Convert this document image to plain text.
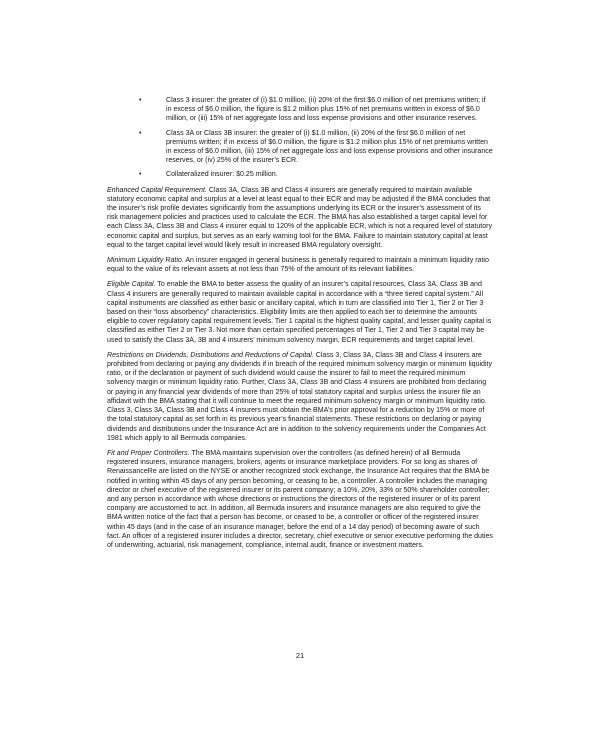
•	Class 3 insurer: the greater of (i) $1.0 million, (ii) 20% of the first $6.0 million of net premiums written; if in excess of $6.0 million, the figure is $1.2 million plus 15% of net premiums written in excess of $6.0 million, or (iii) 15% of net aggregate loss and loss expense provisions and other insurance reserves.
•	Class 3A or Class 3B insurer: the greater of (i) $1.0 million, (ii) 20% of the first $6.0 million of net premiums written; if in excess of $6.0 million, the figure is $1.2 million plus 15% of net premiums written in excess of $6.0 million, (iii) 15% of net aggregate loss and loss expense provisions and other insurance reserves, or (iv) 25% of the insurer’s ECR.
•	Collateralized insurer: $0.25 million.

Enhanced Capital Requirement. Class 3A, Class 3B and Class 4 insurers are generally required to maintain available statutory economic capital and surplus at a level at least equal to their ECR and may be adjusted if the BMA concludes that the insurer’s risk profile deviates significantly from the assumptions underlying its ECR or the insurer’s assessment of its risk management policies and practices used to calculate the ECR. The BMA has also established a target capital level for each Class 3A, Class 3B and Class 4 insurer equal to 120% of the applicable ECR, which is not a required level of statutory economic capital and surplus, but serves as an early warning tool for the BMA. Failure to maintain statutory capital at least equal to the target capital level would likely result in increased BMA regulatory oversight.

Minimum Liquidity Ratio. An insurer engaged in general business is generally required to maintain a minimum liquidity ratio equal to the value of its relevant assets at not less than 75% of the amount of its relevant liabilities.

Eligible Capital. To enable the BMA to better assess the quality of an insurer’s capital resources, Class 3A, Class 3B and Class 4 insurers are generally required to maintain available capital in accordance with a “three tiered capital system.” All capital instruments are classified as either basic or ancillary capital, which in turn are classified into Tier 1, Tier 2 or Tier 3 based on their “loss absorbency” characteristics. Eligibility limits are then applied to each tier to determine the amounts eligible to cover regulatory capital requirement levels. Tier 1 capital is the highest quality capital, and lesser quality capital is classified as either Tier 2 or Tier 3. Not more than certain specified percentages of Tier 1, Tier 2 and Tier 3 capital may be used to satisfy the Class 3A, 3B and 4 insurers’ minimum solvency margin, ECR requirements and target capital level.

Restrictions on Dividends, Distributions and Reductions of Capital. Class 3, Class 3A, Class 3B and Class 4 insurers are prohibited from declaring or paying any dividends if in breach of the required minimum solvency margin or minimum liquidity ratio, or if the declaration or payment of such dividend would cause the insurer to fail to meet the required minimum solvency margin or minimum liquidity ratio. Further, Class 3A, Class 3B and Class 4 insurers are prohibited from declaring or paying in any financial year dividends of more than 25% of total statutory capital and surplus unless the insurer file an affidavit with the BMA stating that it will continue to meet the required minimum solvency margin or minimum liquidity ratio. Class 3, Class 3A, Class 3B and Class 4 insurers must obtain the BMA’s prior approval for a reduction by 15% or more of the total statutory capital as set forth in its previous year’s financial statements. These restrictions on declaring or paying dividends and distributions under the Insurance Act are in addition to the solvency requirements under the Companies Act 1981 which apply to all Bermuda companies.

Fit and Proper Controllers. The BMA maintains supervision over the controllers (as defined herein) of all Bermuda registered insurers, insurance managers, brokers, agents or insurance marketplace providers. For so long as shares of RenaissanceRe are listed on the NYSE or another recognized stock exchange, the Insurance Act requires that the BMA be notified in writing within 45 days of any person becoming, or ceasing to be, a controller. A controller includes the managing director or chief executive of the registered insurer or its parent company; a 10%, 20%, 33% or 50% shareholder controller; and any person in accordance with whose directions or instructions the directors of the registered insurer or of its parent company are accustomed to act. In addition, all Bermuda insurers and insurance managers are also required to give the BMA written notice of the fact that a person has become, or ceased to be, a controller or officer of the registered insurer within 45 days (and in the case of an insurance manager, before the end of a 14 day period) of becoming aware of such fact. An officer of a registered insurer includes a director, secretary, chief executive or senior executive performing the duties of underwriting, actuarial, risk management, compliance, internal audit, finance or investment matters.

21
